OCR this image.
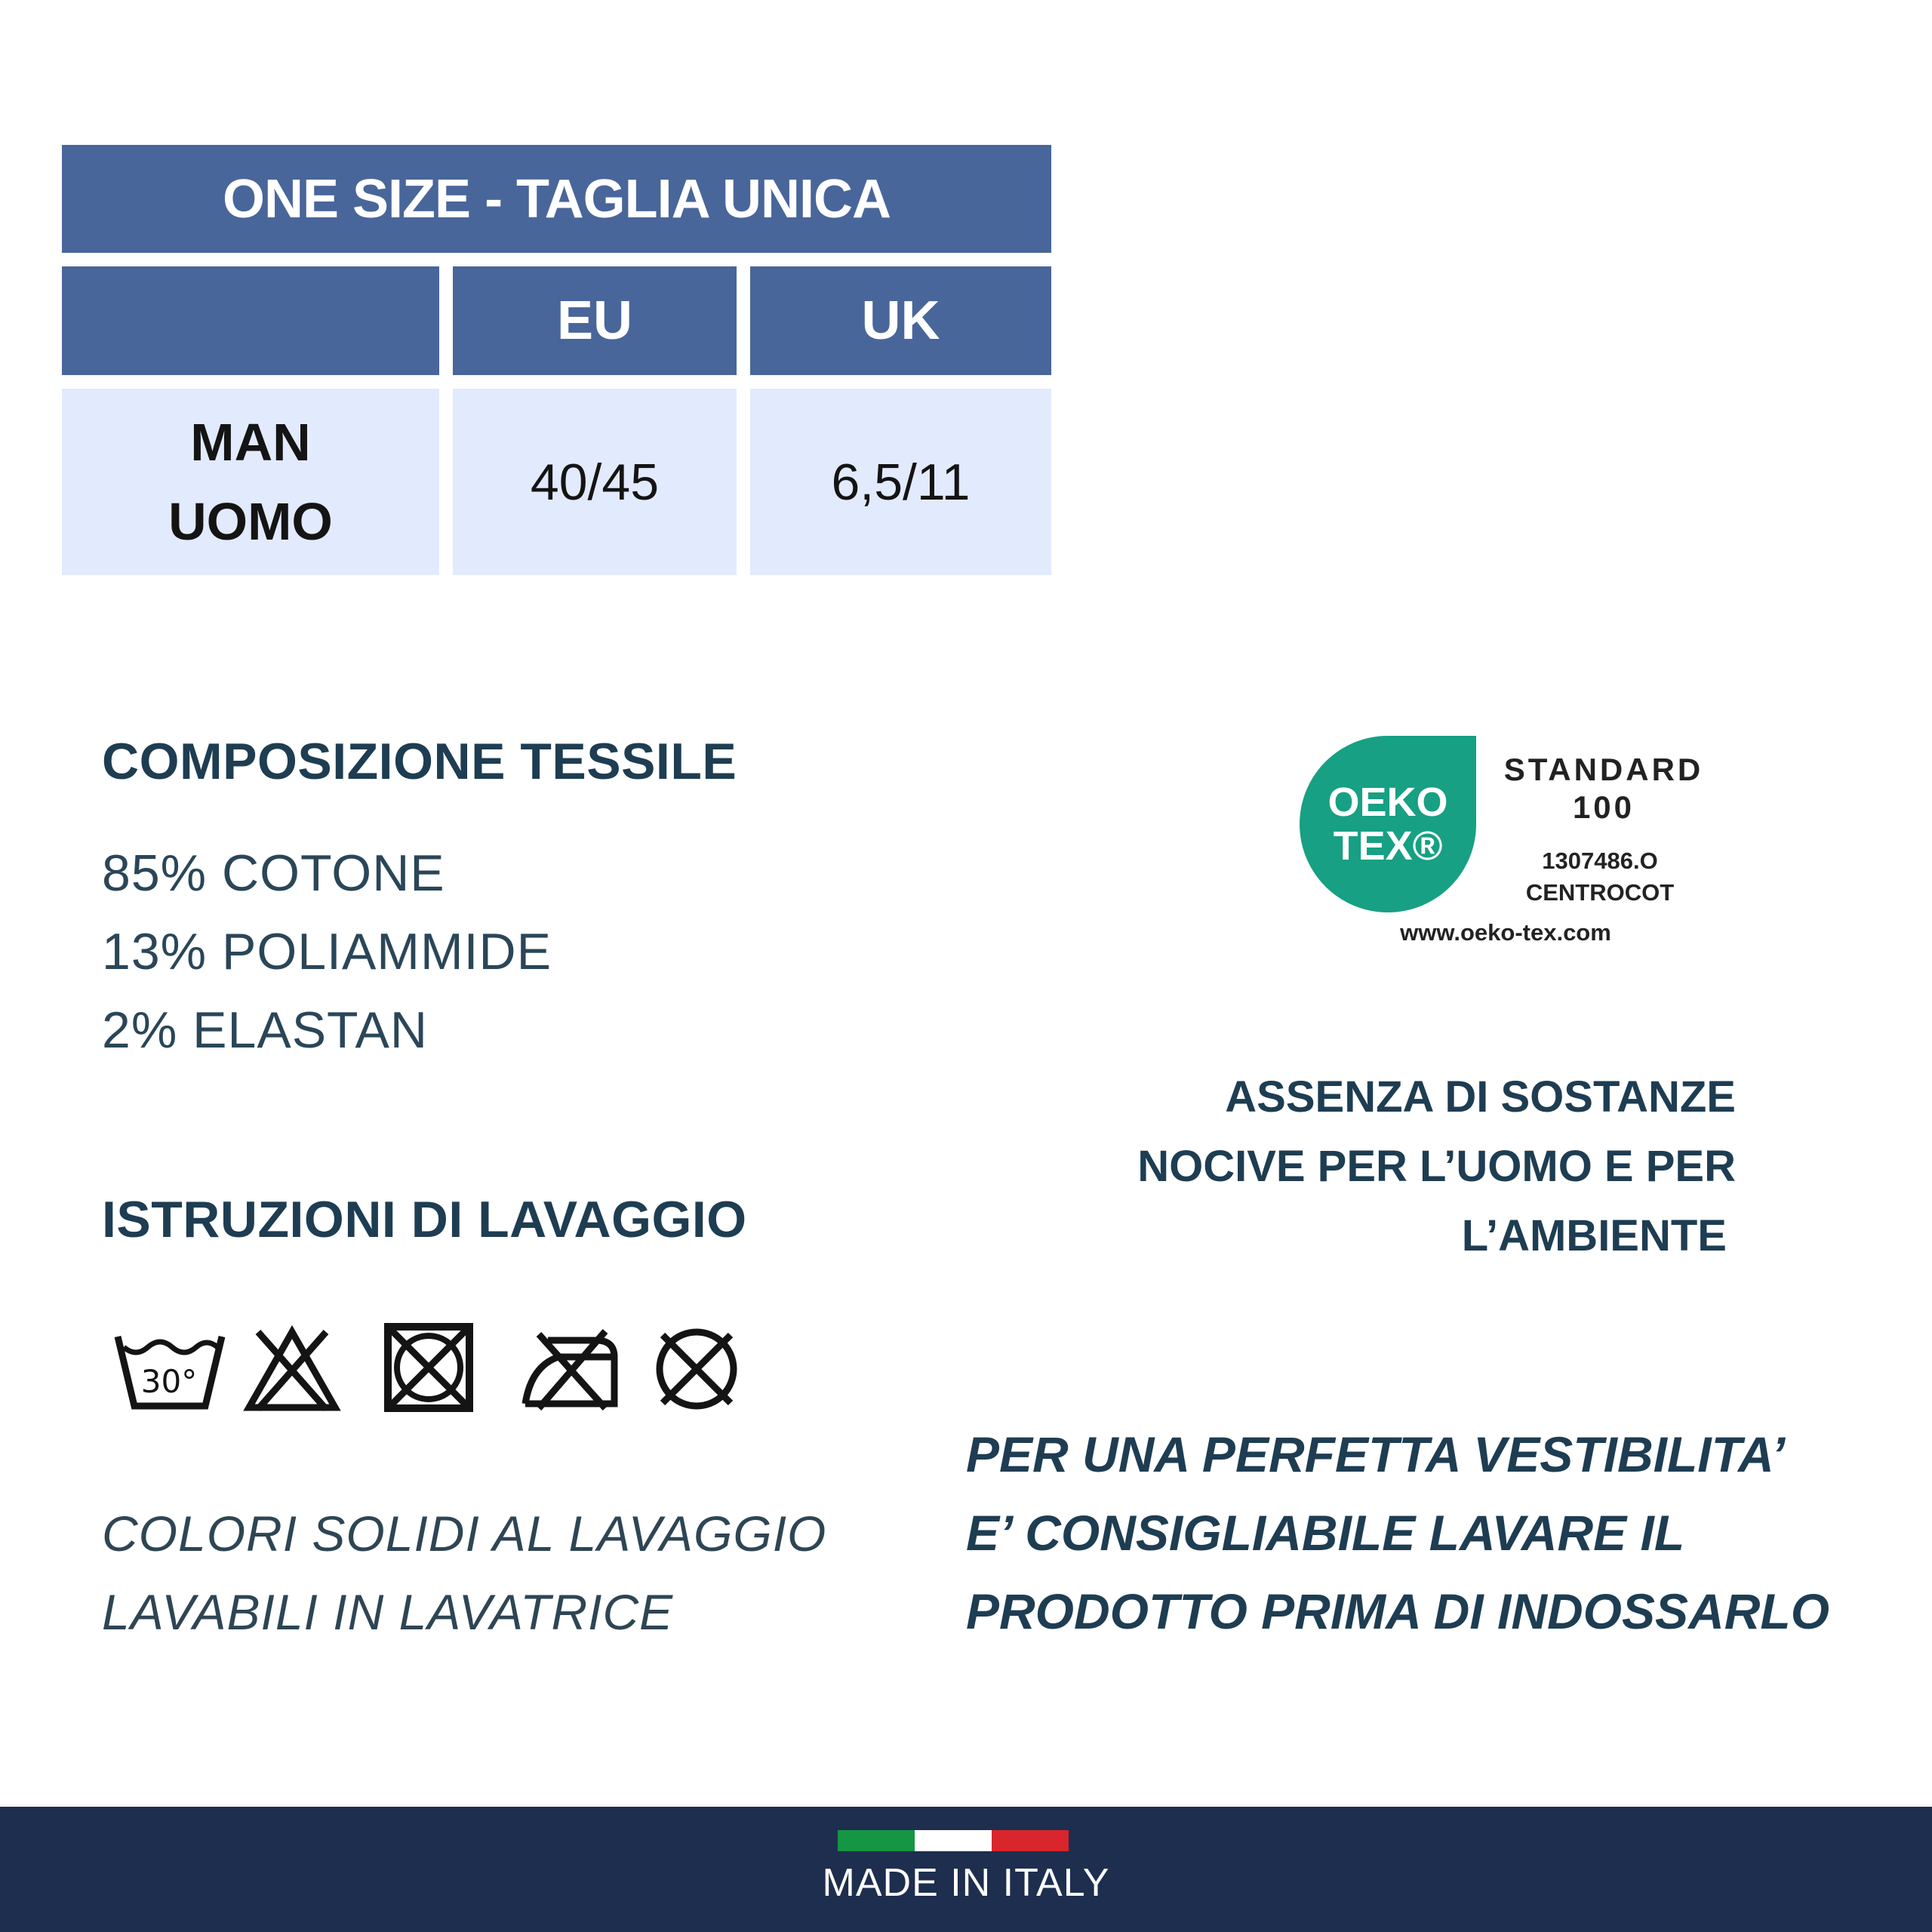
ONE SIZE - TAGLIA UNICA
EU	UK
MAN
UOMO
40/45	6,5/11
COMPOSIZIONE TESSILE
85% COTONE
13% POLIAMMIDE
2% ELASTAN
ISTRUZIONI DI LAVAGGIO
30°
COLORI SOLIDI AL LAVAGGIO
LAVABILI IN LAVATRICE
OEKO
TEX®
STANDARD
100
1307486.O
CENTROCOT
www.oeko-tex.com
ASSENZA DI SOSTANZE
NOCIVE PER L’UOMO E PER
L’AMBIENTE
PER UNA PERFETTA VESTIBILITA’
E’ CONSIGLIABILE LAVARE IL
PRODOTTO PRIMA DI INDOSSARLO
MADE IN ITALY
